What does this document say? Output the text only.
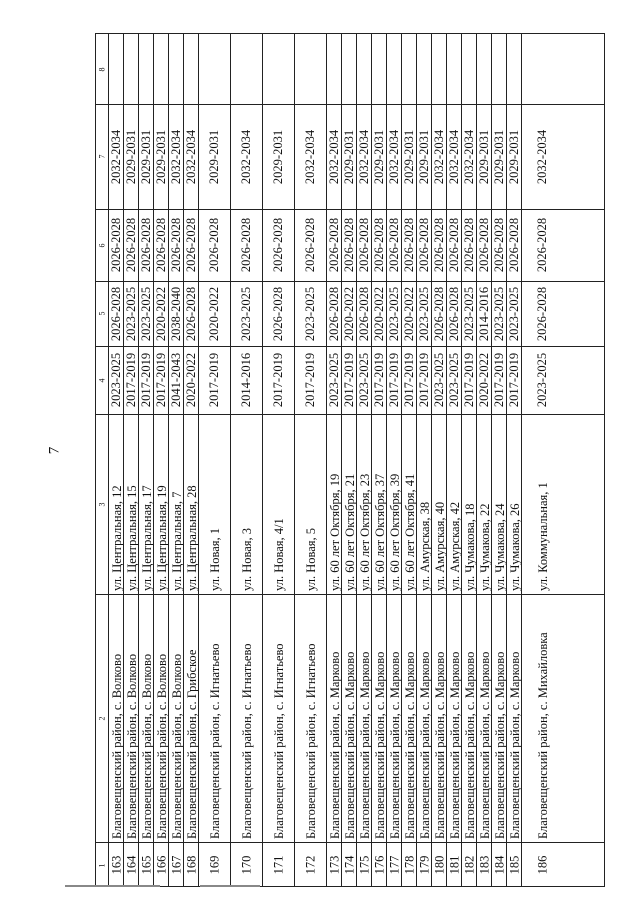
7
1
2
3
4
5
6
7
8
163
Благовещенский район, с. Волково
ул. Центральная, 12
2023-2025
2026-2028
2026-2028
2032-2034
164
Благовещенский район, с. Волково
ул. Центральная, 15
2017-2019
2023-2025
2026-2028
2029-2031
165
Благовещенский район, с. Волково
ул. Центральная, 17
2017-2019
2023-2025
2026-2028
2029-2031
166
Благовещенский район, с. Волково
ул. Центральная, 19
2017-2019
2020-2022
2026-2028
2029-2031
167
Благовещенский район, с. Волково
ул. Центральная, 7
2041-2043
2038-2040
2026-2028
2032-2034
168
Благовещенский район, с. Грибское
ул. Центральная, 28
2020-2022
2026-2028
2026-2028
2032-2034
169
Благовещенский район, с. Игнатьево
ул. Новая, 1
2017-2019
2020-2022
2026-2028
2029-2031
170
Благовещенский район, с. Игнатьево
ул. Новая, 3
2014-2016
2023-2025
2026-2028
2032-2034
171
Благовещенский район, с. Игнатьево
ул. Новая, 4/1
2017-2019
2026-2028
2026-2028
2029-2031
172
Благовещенский район, с. Игнатьево
ул. Новая, 5
2017-2019
2023-2025
2026-2028
2032-2034
173
Благовещенский район, с. Марково
ул. 60 лет Октября, 19
2023-2025
2026-2028
2026-2028
2032-2034
174
Благовещенский район, с. Марково
ул. 60 лет Октября, 21
2017-2019
2020-2022
2026-2028
2029-2031
175
Благовещенский район, с. Марково
ул. 60 лет Октября, 23
2023-2025
2026-2028
2026-2028
2032-2034
176
Благовещенский район, с. Марково
ул. 60 лет Октября, 37
2017-2019
2020-2022
2026-2028
2029-2031
177
Благовещенский район, с. Марково
ул. 60 лет Октября, 39
2017-2019
2023-2025
2026-2028
2032-2034
178
Благовещенский район, с. Марково
ул. 60 лет Октября, 41
2017-2019
2020-2022
2026-2028
2029-2031
179
Благовещенский район, с. Марково
ул. Амурская, 38
2017-2019
2023-2025
2026-2028
2029-2031
180
Благовещенский район, с. Марково
ул. Амурская, 40
2023-2025
2026-2028
2026-2028
2032-2034
181
Благовещенский район, с. Марково
ул. Амурская, 42
2023-2025
2026-2028
2026-2028
2032-2034
182
Благовещенский район, с. Марково
ул. Чумакова, 18
2017-2019
2023-2025
2026-2028
2032-2034
183
Благовещенский район, с. Марково
ул. Чумакова, 22
2020-2022
2014-2016
2026-2028
2029-2031
184
Благовещенский район, с. Марково
ул. Чумакова, 24
2017-2019
2023-2025
2026-2028
2029-2031
185
Благовещенский район, с. Марково
ул. Чумакова, 26
2017-2019
2023-2025
2026-2028
2029-2031
186
Благовещенский район, с. Михайловка
ул. Коммунальная, 1
2023-2025
2026-2028
2026-2028
2032-2034
